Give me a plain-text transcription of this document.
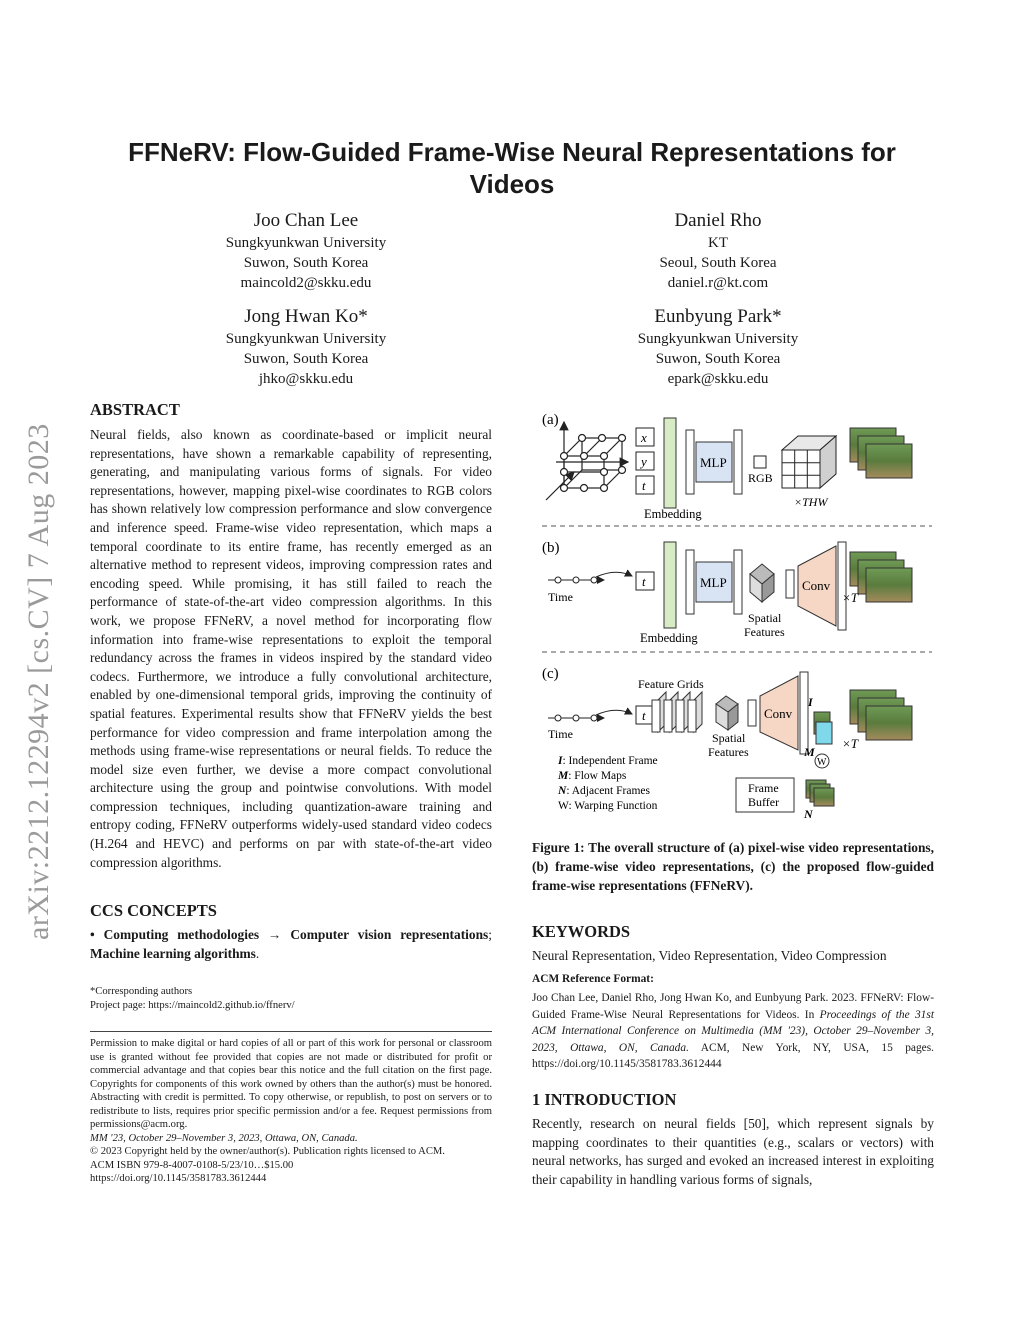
FFNeRV: Flow-Guided Frame-Wise Neural Representations for Videos
Joo Chan Lee
Sungkyunkwan University
Suwon, South Korea
maincold2@skku.edu
Daniel Rho
KT
Seoul, South Korea
daniel.r@kt.com
Jong Hwan Ko*
Sungkyunkwan University
Suwon, South Korea
jhko@skku.edu
Eunbyung Park*
Sungkyunkwan University
Suwon, South Korea
epark@skku.edu
arXiv:2212.12294v2 [cs.CV] 7 Aug 2023
ABSTRACT
Neural fields, also known as coordinate-based or implicit neural representations, have shown a remarkable capability of representing, generating, and manipulating various forms of signals. For video representations, however, mapping pixel-wise coordinates to RGB colors has shown relatively low compression performance and slow convergence and inference speed. Frame-wise video representation, which maps a temporal coordinate to its entire frame, has recently emerged as an alternative method to represent videos, improving compression rates and encoding speed. While promising, it has still failed to reach the performance of state-of-the-art video compression algorithms. In this work, we propose FFNeRV, a novel method for incorporating flow information into frame-wise representations to exploit the temporal redundancy across the frames in videos inspired by the standard video codecs. Furthermore, we introduce a fully convolutional architecture, enabled by one-dimensional temporal grids, improving the continuity of spatial features. Experimental results show that FFNeRV yields the best performance for video compression and frame interpolation among the methods using frame-wise representations or neural fields. To reduce the model size even further, we devise a more compact convolutional architecture using the group and pointwise convolutions. With model compression techniques, including quantization-aware training and entropy coding, FFNeRV outperforms widely-used standard video codecs (H.264 and HEVC) and performs on par with state-of-the-art video compression algorithms.
CCS CONCEPTS
• Computing methodologies → Computer vision representations; Machine learning algorithms.
*Corresponding authors
Project page: https://maincold2.github.io/ffnerv/
Permission to make digital or hard copies of all or part of this work for personal or classroom use is granted without fee provided that copies are not made or distributed for profit or commercial advantage and that copies bear this notice and the full citation on the first page. Copyrights for components of this work owned by others than the author(s) must be honored. Abstracting with credit is permitted. To copy otherwise, or republish, to post on servers or to redistribute to lists, requires prior specific permission and/or a fee. Request permissions from permissions@acm.org.
MM '23, October 29–November 3, 2023, Ottawa, ON, Canada.
© 2023 Copyright held by the owner/author(s). Publication rights licensed to ACM.
ACM ISBN 979-8-4007-0108-5/23/10…$15.00
https://doi.org/10.1145/3581783.3612444
(a)
x
y
t
Embedding
MLP
RGB
×THW
(b)
Time
t
Embedding
MLP
Spatial
Features
Conv
×T
(c)
Feature Grids
Time
t
Spatial
Features
Conv
I
M
W
×T
I: Independent Frame
M: Flow Maps
N: Adjacent Frames
W: Warping Function
Frame
Buffer
N
Figure 1: The overall structure of (a) pixel-wise video representations, (b) frame-wise video representations, (c) the proposed flow-guided frame-wise representations (FFNeRV).
KEYWORDS
Neural Representation, Video Representation, Video Compression
ACM Reference Format:
Joo Chan Lee, Daniel Rho, Jong Hwan Ko, and Eunbyung Park. 2023. FFNeRV: Flow-Guided Frame-Wise Neural Representations for Videos. In Proceedings of the 31st ACM International Conference on Multimedia (MM '23), October 29–November 3, 2023, Ottawa, ON, Canada. ACM, New York, NY, USA, 15 pages. https://doi.org/10.1145/3581783.3612444
1 INTRODUCTION
Recently, research on neural fields [50], which represent signals by mapping coordinates to their quantities (e.g., scalars or vectors) with neural networks, has surged and evoked an increased interest in exploiting their capability in handling various forms of signals,
